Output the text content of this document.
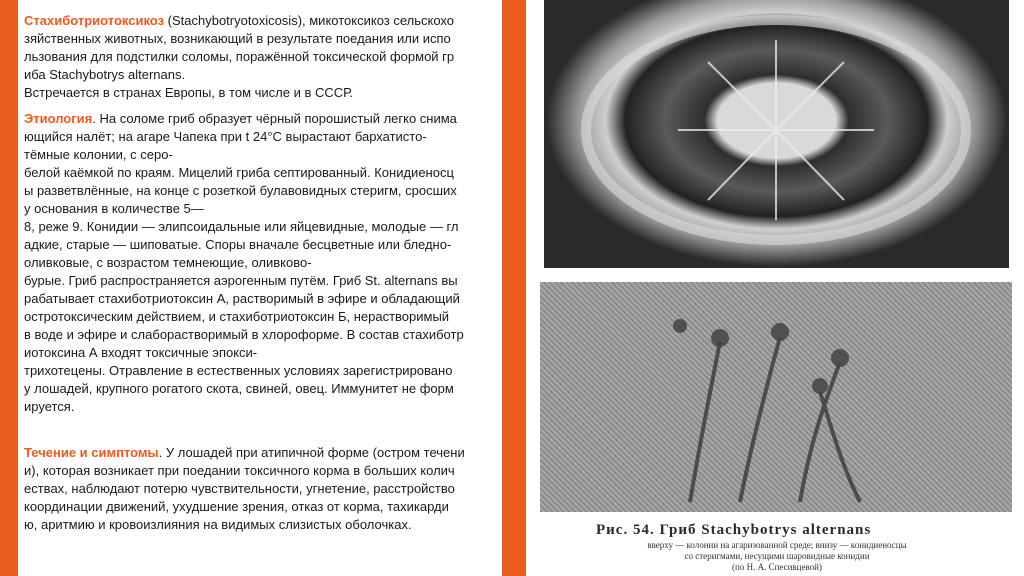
Стахиботриотоксикоз (Stachybotryotoxicosis), микотоксикоз сельскохо
зяйственных животных, возникающий в результате поедания или испо
льзования для подстилки соломы, поражённой токсической формой гр
иба Stachybotrys alternans.
Встречается в странах Европы, в том числе и в СССР.

Этиология. На соломе гриб образует чёрный порошистый легко снима
ющийся налёт; на агаре Чапека при t 24°С вырастают бархатисто-
тёмные колонии, с серо-
белой каёмкой по краям. Мицелий гриба септированный. Конидиеносц
ы разветвлённые, на конце с розеткой булавовидных стеригм, сросших
у основания в количестве 5—
8, реже 9. Конидии — элипсоидальные или яйцевидные, молодые — гл
адкие, старые — шиповатые. Споры вначале бесцветные или бледно-
оливковые, с возрастом темнеющие, оливково-
бурые. Гриб распространяется аэрогенным путём. Гриб St. alternans вы
рабатывает стахиботриотоксин А, растворимый в эфире и обладающий
остротоксическим действием, и стахиботриотоксин Б, нерастворимый
в воде и эфире и слаборастворимый в хлороформе. В состав стахиботр
иотоксина А входят токсичные эпокси-
трихотецены. Отравление в естественных условиях зарегистрировано
у лошадей, крупного рогатого скота, свиней, овец. Иммунитет не форм
ируется.

Течение и симптомы. У лошадей при атипичной форме (остром течени
и), которая возникает при поедании токсичного корма в больших колич
ествах, наблюдают потерю чувствительности, угнетение, расстройство
координации движений, ухудшение зрения, отказ от корма, тахикарди
ю, аритмию и кровоизлияния на видимых слизистых оболочках.	Рис. 54. Гриб Stachybotrys alternans
вверху — колонии на агаризованной среде; внизу — конидиеносцы
со стеригмами, несущими шаровидные конидии
(по Н. А. Спесивцевой)
